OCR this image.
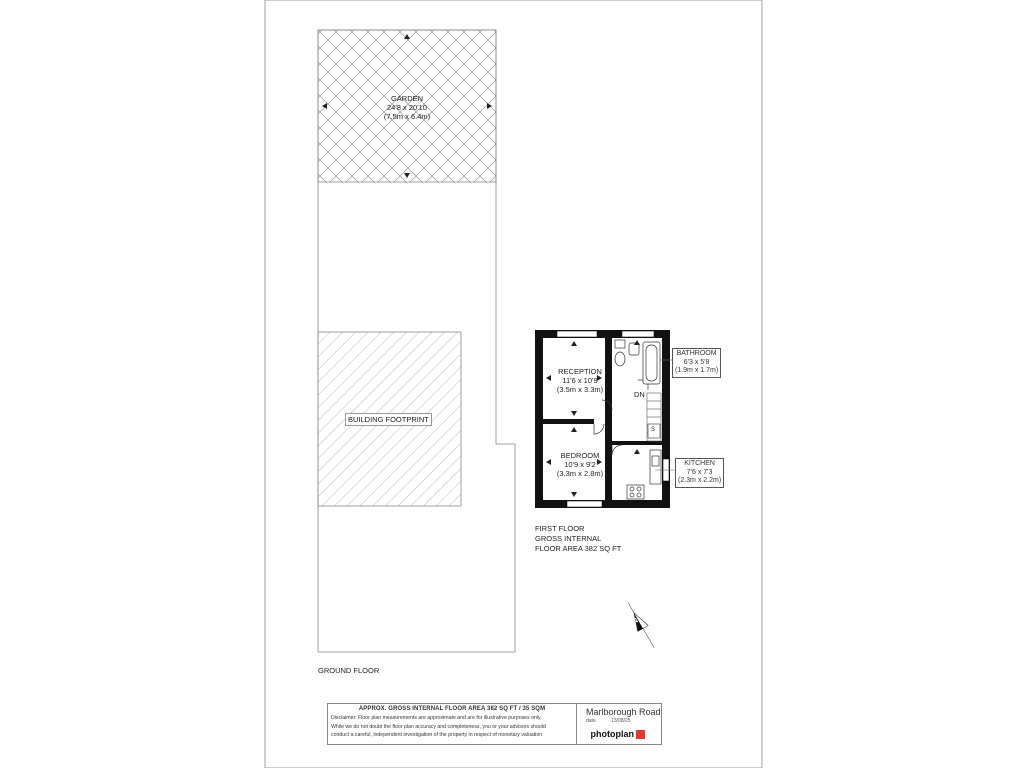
GARDEN
24'8 x 20'10
(7.5m x 6.4m)
BUILDING FOOTPRINT
RECEPTION
11'6 x 10'9
(3.5m x 3.3m)
BEDROOM
10'9 x 9'2
(3.3m x 2.8m)
BATHROOM
6'3 x 5'8
(1.9m x 1.7m)
KITCHEN
7'6 x 7'3
(2.3m x 2.2m)
DN
S
GROUND FLOOR
FIRST FLOOR
GROSS INTERNAL
FLOOR AREA 382 SQ FT
N
APPROX. GROSS INTERNAL FLOOR AREA 382 SQ FT / 35 SQM
Disclaimer: Floor plan measurements are approximate and are for illustrative purposes only.
While we do not doubt the floor plan accuracy and completeness, you or your advisors should
conduct a careful, independent investigation of the property in respect of monetary valuation
Marlborough Road
date	13/08/25
photoplan
